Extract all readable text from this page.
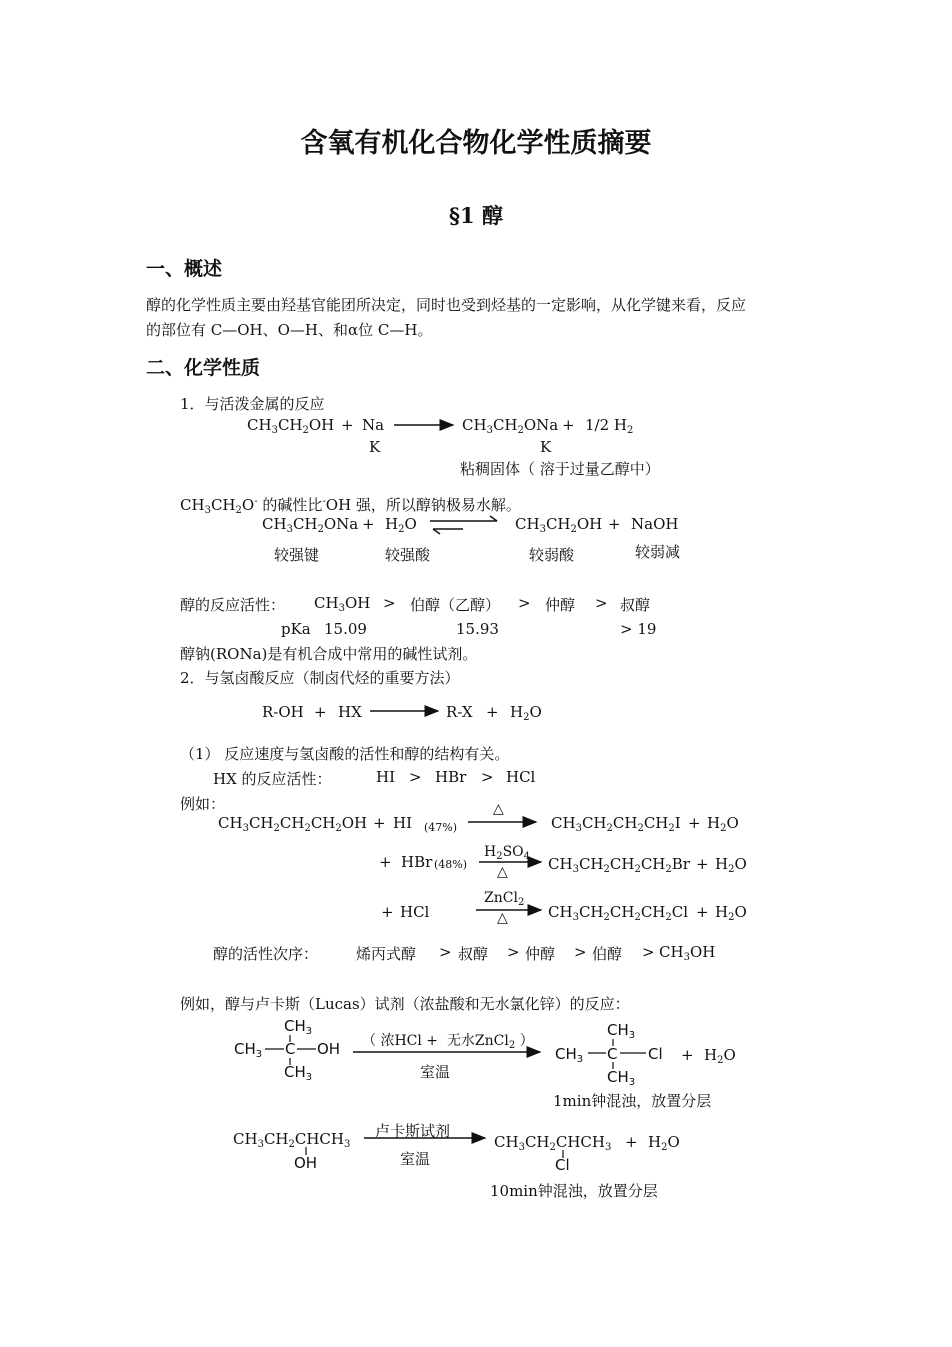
含氧有机化合物化学性质摘要
§1 醇
一、概述
醇的化学性质主要由羟基官能团所决定，同时也受到烃基的一定影响，从化学键来看，反应
的部位有 C—OH、O—H、和α位 C—H。
二、化学性质
1．与活泼金属的反应
$CH_3CH_2OH + Na$
K
$CH_3CH_2ONa + 1/2$ $H_2$
K
粘稠固体（ 溶于过量乙醇中）
$CH_3CH_2O^-$ 的碱性比-OH 强，所以醇钠极易水解。
$CH_3CH_2ONa + H_2O$	$CH_3CH_2OH$ + NaOH
较强键	较强酸	较弱酸	较弱减
醇的反应活性： $CH_3OH$ > 伯醇（乙醇） > 仲醇 > 叔醇
pKa 15.09	15.93	> 19
醇钠(RONa)是有机合成中常用的碱性试剂。
2．与氢卤酸反应（制卤代烃的重要方法）
R-OH + HX	$R-X + H_2O$
（1） 反应速度与氢卤酸的活性和醇的结构有关。
HX 的反应活性：	HI > HBr > HCl
例如：
$CH_3CH_2CH_2CH_2OH$ + HI (47%)
△
$CH_3CH_2CH_2CH_2I + H_2O$
+ HBr (48%)
$H_2SO_4$
△	$CH_3CH_2CH_2CH_2Br + H_2O$
+ HCl
ZnCl$_2$
△	$CH_3CH_2CH_2CH_2Cl + H_2O$
醇的活性次序：	烯丙式醇 > 叔醇 > 仲醇 > 伯醇 > $CH_3OH$
例如，醇与卢卡斯（Lucas）试剂（浓盐酸和无水氯化锌）的反应：
$CH_3$
$CH_3$ C OH
$CH_3$
（ 浓HCl + 无水ZnCl$_2$ ）
室温
$CH_3$
$CH_3$ C Cl
$CH_3$
+ $H_2O$
1min钟混浊，放置分层
$CH_3CH_2CHCH_3$
OH
卢卡斯试剂
室温
$CH_3CH_2CHCH_3$
Cl
+ $H_2O$
10min钟混浊，放置分层
